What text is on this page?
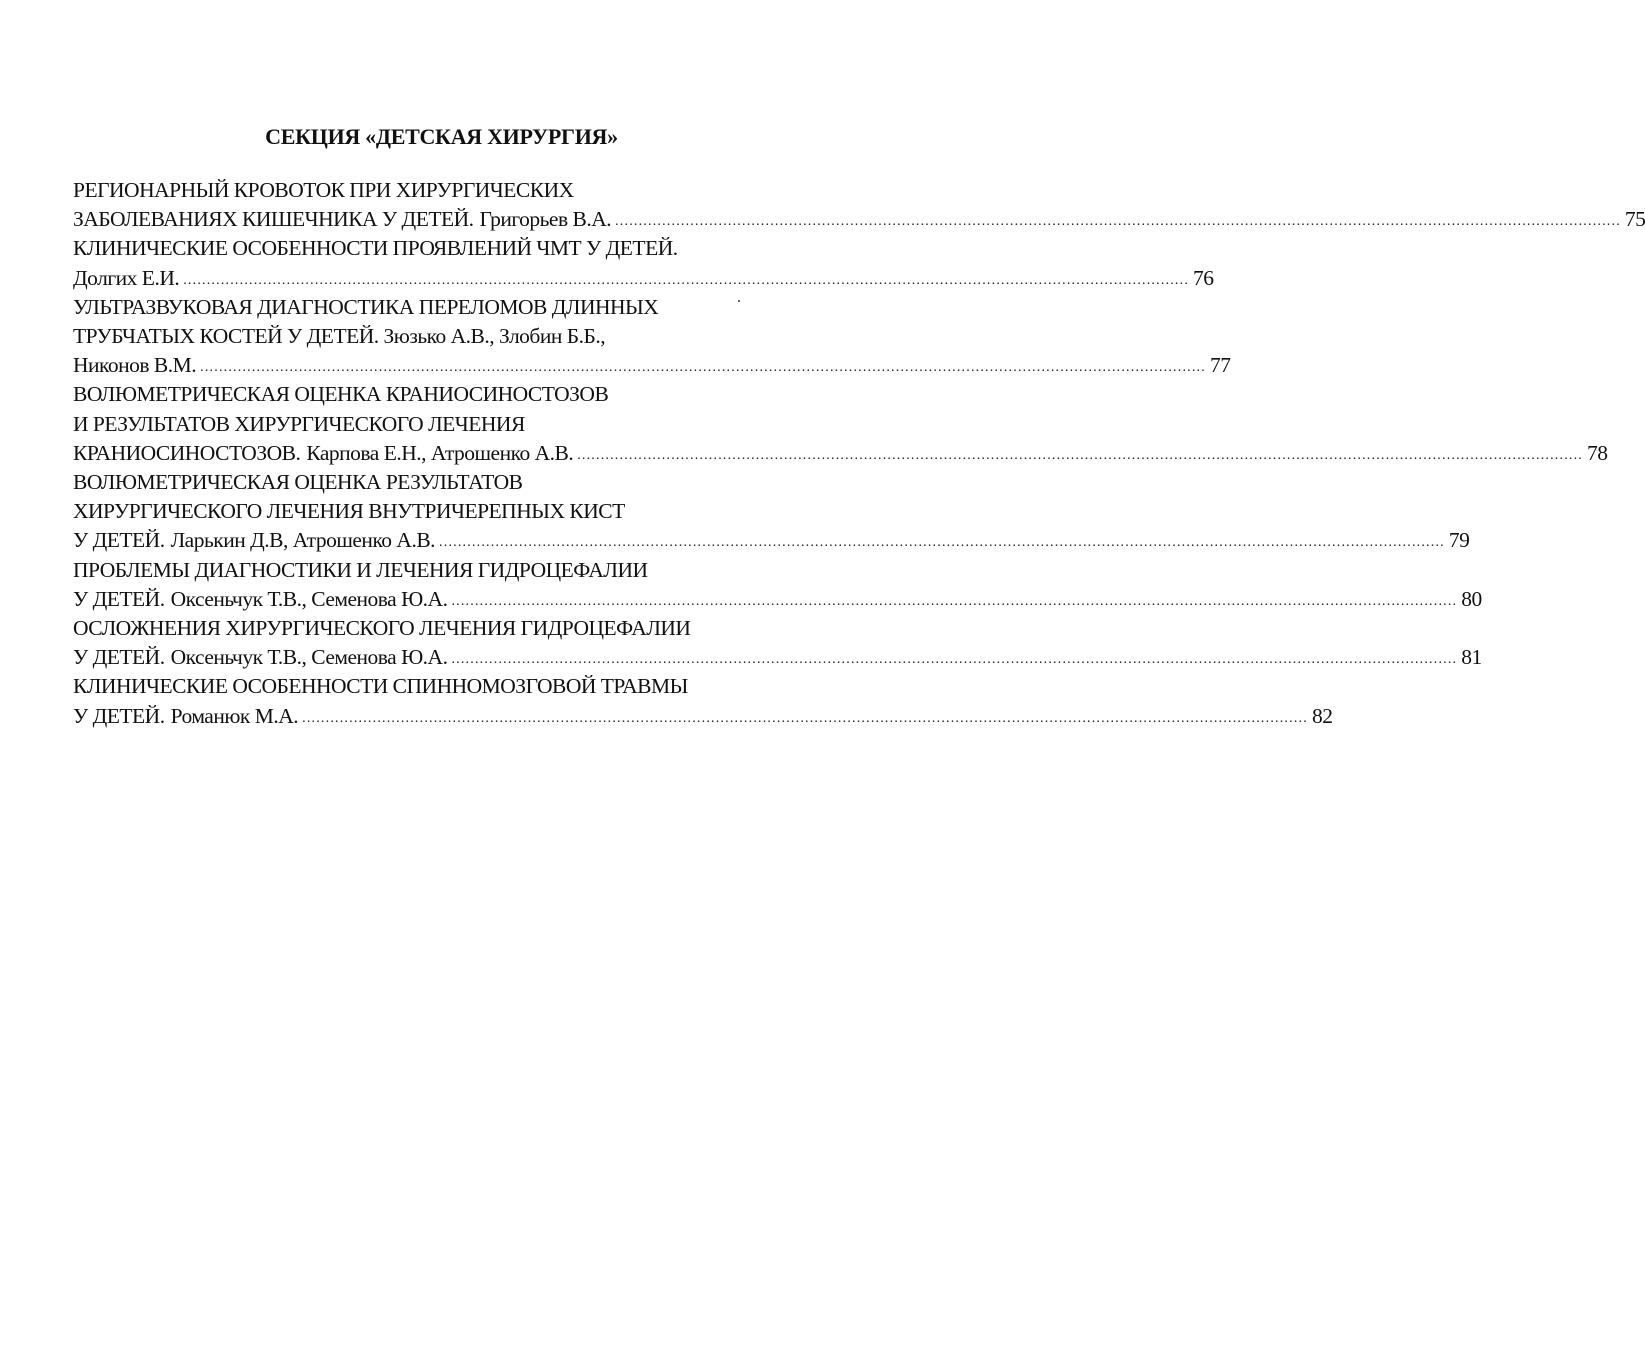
СЕКЦИЯ «ДЕТСКАЯ ХИРУРГИЯ»
РЕГИОНАРНЫЙ КРОВОТОК ПРИ ХИРУРГИЧЕСКИХ
ЗАБОЛЕВАНИЯХ КИШЕЧНИКА У ДЕТЕЙ. Григорьев В.А. ...................................................................................................................................................................................................................... 75
КЛИНИЧЕСКИЕ ОСОБЕННОСТИ ПРОЯВЛЕНИЙ ЧМТ У ДЕТЕЙ.
Долгих Е.И. ...................................................................................................................................................................................................................... 76
УЛЬТРАЗВУКОВАЯ ДИАГНОСТИКА ПЕРЕЛОМОВ ДЛИННЫХ
ТРУБЧАТЫХ КОСТЕЙ У ДЕТЕЙ. Зюзько А.В., Злобин Б.Б.,
Никонов В.М. ...................................................................................................................................................................................................................... 77
ВОЛЮМЕТРИЧЕСКАЯ ОЦЕНКА КРАНИОСИНОСТОЗОВ
И РЕЗУЛЬТАТОВ ХИРУРГИЧЕСКОГО ЛЕЧЕНИЯ
КРАНИОСИНОСТОЗОВ. Карпова Е.Н., Атрошенко А.В. ...................................................................................................................................................................................................................... 78
ВОЛЮМЕТРИЧЕСКАЯ ОЦЕНКА РЕЗУЛЬТАТОВ
ХИРУРГИЧЕСКОГО ЛЕЧЕНИЯ ВНУТРИЧЕРЕПНЫХ КИСТ
У ДЕТЕЙ. Ларькин Д.В, Атрошенко А.В. ...................................................................................................................................................................................................................... 79
ПРОБЛЕМЫ ДИАГНОСТИКИ И ЛЕЧЕНИЯ ГИДРОЦЕФАЛИИ
У ДЕТЕЙ. Оксеньчук Т.В., Семенова Ю.А. ...................................................................................................................................................................................................................... 80
ОСЛОЖНЕНИЯ ХИРУРГИЧЕСКОГО ЛЕЧЕНИЯ ГИДРОЦЕФАЛИИ
У ДЕТЕЙ. Оксеньчук Т.В., Семенова Ю.А. ...................................................................................................................................................................................................................... 81
КЛИНИЧЕСКИЕ ОСОБЕННОСТИ СПИННОМОЗГОВОЙ ТРАВМЫ
У ДЕТЕЙ. Романюк М.А. ...................................................................................................................................................................................................................... 82
